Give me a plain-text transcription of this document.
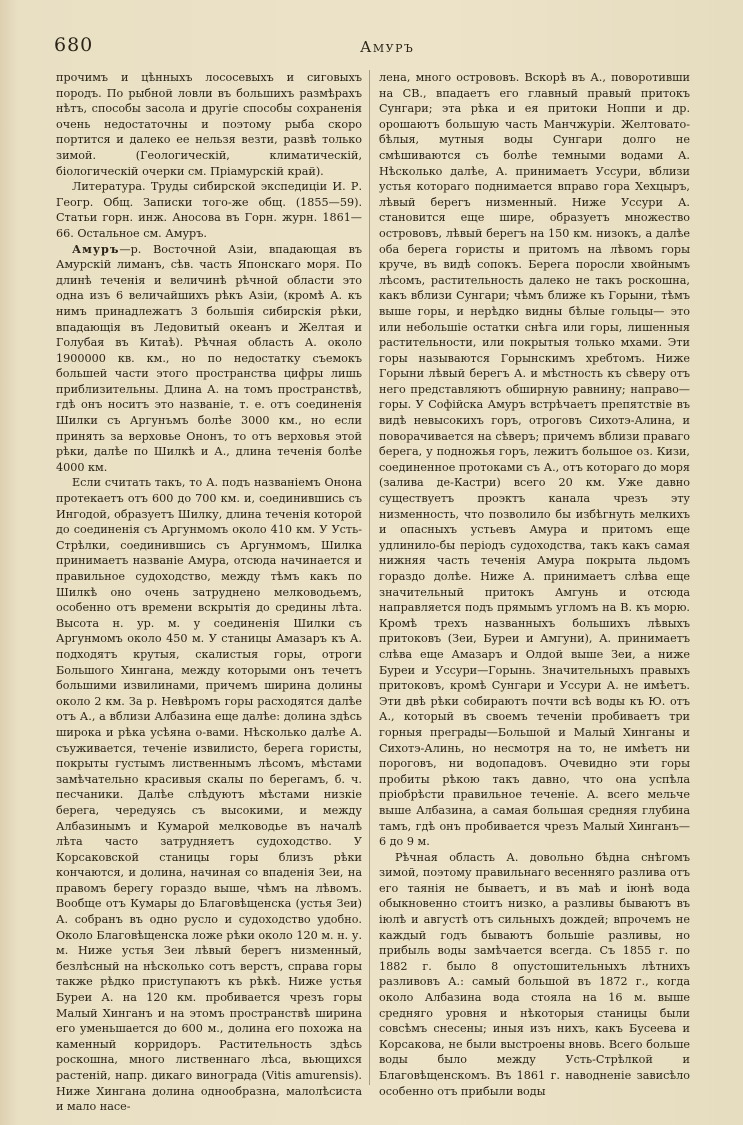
680	Амуръ

прочимъ и цѣнныхъ лососевыхъ и сиговыхъ породъ. По рыбной ловли въ большихъ размѣрахъ нѣтъ, способы засола и другіе способы сохраненія очень недостаточны и поэтому рыба скоро портится и далеко ее нельзя везти, развѣ только зимой. (Геологическій, климатическій, біологическій очерки см. Пріамурскій край).

Литература. Труды сибирской экспедиціи И. Р. Геогр. Общ. Записки того-же общ. (1855—59). Статьи горн. инж. Аносова въ Горн. журн. 1861—66. Остальное см. Амуръ.

Амуръ—р. Восточной Азіи, впадающая въ Амурскій лиманъ, сѣв. часть Японскаго моря. По длинѣ теченія и величинѣ рѣчной области это одна изъ 6 величайшихъ рѣкъ Азіи, (кромѣ А. къ нимъ принадлежатъ 3 большія сибирскія рѣки, впадающія въ Ледовитый океанъ и Желтая и Голубая въ Китаѣ). Рѣчная область А. около 1900000 кв. км., но по недостатку съемокъ большей части этого пространства цифры лишь приблизительны. Длина А. на томъ пространствѣ, гдѣ онъ носитъ это названіе, т. е. отъ соединенія Шилки съ Аргунъмъ болѣе 3000 км., но если принять за верховье Ононъ, то отъ верховья этой рѣки, далѣе по Шилкѣ и А., длина теченія болѣе 4000 км.

Если считать такъ, то А. подъ названіемъ Онона протекаетъ отъ 600 до 700 км. и, соединившись съ Ингодой, образуетъ Шилку, длина теченія которой до соединенія съ Аргунмомъ около 410 км. У Усть-Стрѣлки, соединившись съ Аргунмомъ, Шилка принимаетъ названіе Амура, отсюда начинается и правильное судоходство, между тѣмъ какъ по Шилкѣ оно очень затруднено мелководьемъ, особенно отъ времени вскрытія до средины лѣта. Высота н. ур. м. у соединенія Шилки съ Аргунмомъ около 450 м. У станицы Амазаръ къ А. подходятъ крутыя, скалистыя горы, отроги Большого Хингана, между которыми онъ течетъ большими извилинами, причемъ ширина долины около 2 км. За р. Невѣромъ горы расходятся далѣе отъ А., а вблизи Албазина еще далѣе: долина здѣсь широка и рѣка усѣяна о-вами. Нѣсколько далѣе А. съуживается, теченіе извилисто, берега гористы, покрыты густымъ лиственнымъ лѣсомъ, мѣстами замѣчательно красивыя скалы по берегамъ, б. ч. песчаники. Далѣе слѣдуютъ мѣстами низкіе берега, чередуясь съ высокими, и между Албазинымъ и Кумарой мелководье въ началѣ лѣта часто затрудняетъ судоходство. У Корсаковской станицы горы близъ рѣки кончаются, и долина, начиная со впаденія Зеи, на правомъ берегу гораздо выше, чѣмъ на лѣвомъ. Вообще отъ Кумары до Благовѣщенска (устья Зеи) А. собранъ въ одно русло и судоходство удобно. Около Благовѣщенска ложе рѣки около 120 м. н. у. м. Ниже устья Зеи лѣвый берегъ низменный, безлѣсный на нѣсколько сотъ верстъ, справа горы также рѣдко приступаютъ къ рѣкѣ. Ниже устья Буреи А. на 120 км. пробивается чрезъ горы Малый Хинганъ и на этомъ пространствѣ ширина его уменьшается до 600 м., долина его похожа на каменный корридоръ. Растительность здѣсь роскошна, много лиственнаго лѣса, вьющихся растеній, напр. дикаго винограда (Vitis amurensis). Ниже Хингана долина однообразна, малолѣсиста и мало насе-

лена, много острововъ. Вскорѣ въ А., поворотивши на СВ., впадаетъ его главный правый притокъ Сунгари; эта рѣка и ея притоки Ноппи и др. орошаютъ большую часть Манчжуріи. Желтовато-бѣлыя, мутныя воды Сунгари долго не смѣшиваются съ болѣе темными водами А. Нѣсколько далѣе, А. принимаетъ Уссури, вблизи устья котораго поднимается вправо гора Хехцыръ, лѣвый берегъ низменный. Ниже Уссури А. становится еще шире, образуетъ множество острововъ, лѣвый берегъ на 150 км. низокъ, а далѣе оба берега гористы и притомъ на лѣвомъ горы круче, въ видѣ сопокъ. Берега поросли хвойнымъ лѣсомъ, растительность далеко не такъ роскошна, какъ вблизи Сунгари; чѣмъ ближе къ Горыни, тѣмъ выше горы, и нерѣдко видны бѣлые гольцы— это или небольшіе остатки снѣга или горы, лишенныя растительности, или покрытыя только мхами. Эти горы называются Горынскимъ хребтомъ. Ниже Горыни лѣвый берегъ А. и мѣстность къ сѣверу отъ него представляютъ обширную равнину; направо—горы. У Софійска Амуръ встрѣчаетъ препятствіе въ видѣ невысокихъ горъ, отроговъ Сихотэ-Алина, и поворачивается на сѣверъ; причемъ вблизи праваго берега, у подножья горъ, лежитъ большое оз. Кизи, соединенное протоками съ А., отъ котораго до моря (залива де-Кастри) всего 20 км. Уже давно существуетъ проэктъ канала чрезъ эту низменность, что позволило бы избѣгнуть мелкихъ и опасныхъ устьевъ Амура и притомъ еще удлинило-бы періодъ судоходства, такъ какъ самая нижняя часть теченія Амура покрыта льдомъ гораздо долѣе. Ниже А. принимаетъ слѣва еще значительный притокъ Амгунь и отсюда направляется подъ прямымъ угломъ на В. къ морю. Кромѣ трехъ названныхъ большихъ лѣвыхъ притоковъ (Зеи, Буреи и Амгуни), А. принимаетъ слѣва еще Амазаръ и Олдой выше Зеи, а ниже Буреи и Уссури—Горынь. Значительныхъ правыхъ притоковъ, кромѣ Сунгари и Уссури А. не имѣетъ. Эти двѣ рѣки собираютъ почти всѣ воды къ Ю. отъ А., который въ своемъ теченіи пробиваетъ три горныя преграды—Большой и Малый Хинганы и Сихотэ-Алинь, но несмотря на то, не имѣетъ ни пороговъ, ни водопадовъ. Очевидно эти горы пробиты рѣкою такъ давно, что она успѣла пріобрѣсти правильное теченіе. А. всего мельче выше Албазина, а самая большая средняя глубина тамъ, гдѣ онъ пробивается чрезъ Малый Хинганъ—6 до 9 м.

Рѣчная область А. довольно бѣдна снѣгомъ зимой, поэтому правильнаго весенняго разлива отъ его таянія не бываетъ, и въ маѣ и іюнѣ вода обыкновенно стоитъ низко, а разливы бываютъ въ іюлѣ и августѣ отъ сильныхъ дождей; впрочемъ не каждый годъ бываютъ большіе разливы, но прибыль воды замѣчается всегда. Съ 1855 г. по 1882 г. было 8 опустошительныхъ лѣтнихъ разливовъ А.: самый большой въ 1872 г., когда около Албазина вода стояла на 16 м. выше средняго уровня и нѣкоторыя станицы были совсѣмъ снесены; иныя изъ нихъ, какъ Бусеева и Корсакова, не были выстроены вновь. Всего больше воды было между Усть-Стрѣлкой и Благовѣщенскомъ. Въ 1861 г. наводненіе зависѣло особенно отъ прибыли воды
